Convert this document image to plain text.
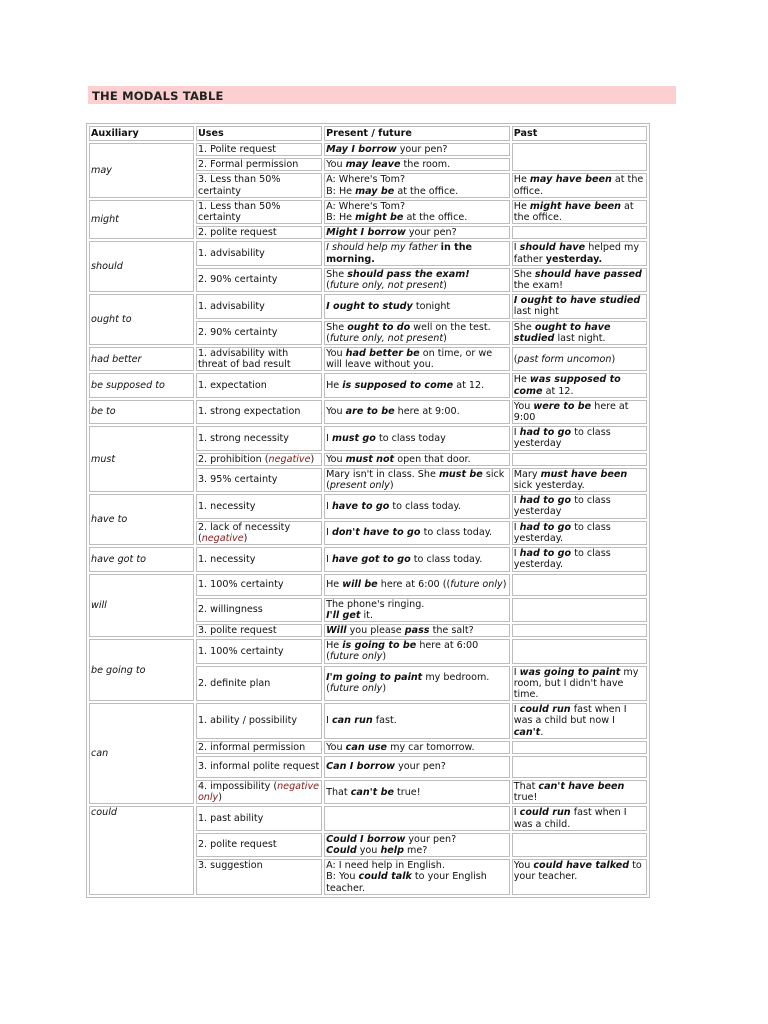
THE MODALS TABLE
Auxiliary	Uses	Present / future	Past
may	1. Polite request	May I borrow your pen?	
	2. Formal permission	You may leave the room.	
	3. Less than 50% certainty	A: Where's Tom?
B: He may be at the office.	He may have been at the office.
might	1. Less than 50% certainty	A: Where's Tom?
B: He might be at the office.	He might have been at the office.
	2. polite request	Might I borrow your pen?	
should	1. advisability	I should help my father in the morning.	I should have helped my father yesterday.
	2. 90% certainty	She should pass the exam!
(future only, not present)	She should have passed the exam!
ought to	1. advisability	I ought to study tonight	I ought to have studied last night
	2. 90% certainty	She ought to do well on the test.
(future only, not present)	She ought to have studied last night.
had better	1. advisability with threat of bad result	You had better be on time, or we will leave without you.	(past form uncomon)
be supposed to	1. expectation	He is supposed to come at 12.	He was supposed to come at 12.
be to	1. strong expectation	You are to be here at 9:00.	You were to be here at 9:00
must	1. strong necessity	I must go to class today	I had to go to class yesterday
	2. prohibition (negative)	You must not open that door.	
	3. 95% certainty	Mary isn't in class. She must be sick (present only)	Mary must have been sick yesterday.
have to	1. necessity	I have to go to class today.	I had to go to class yesterday
	2. lack of necessity (negative)	I don't have to go to class today.	I had to go to class yesterday.
have got to	1. necessity	I have got to go to class today.	I had to go to class yesterday.
will	1. 100% certainty	He will be here at 6:00 ((future only)	
	2. willingness	The phone's ringing.
I'll get it.	
	3. polite request	Will you please pass the salt?	
be going to	1. 100% certainty	He is going to be here at 6:00
(future only)	
	2. definite plan	I'm going to paint my bedroom.
(future only)	I was going to paint my room, but I didn't have time.
can	1. ability / possibility	I can run fast.	I could run fast when I was a child but now I can't.
	2. informal permission	You can use my car tomorrow.	
	3. informal polite request	Can I borrow your pen?	
	4. impossibility (negative only)	That can't be true!	That can't have been true!
could	1. past ability		I could run fast when I was a child.
	2. polite request	Could I borrow your pen?
Could you help me?	
	3. suggestion	A: I need help in English.
B: You could talk to your English teacher.	You could have talked to your teacher.
